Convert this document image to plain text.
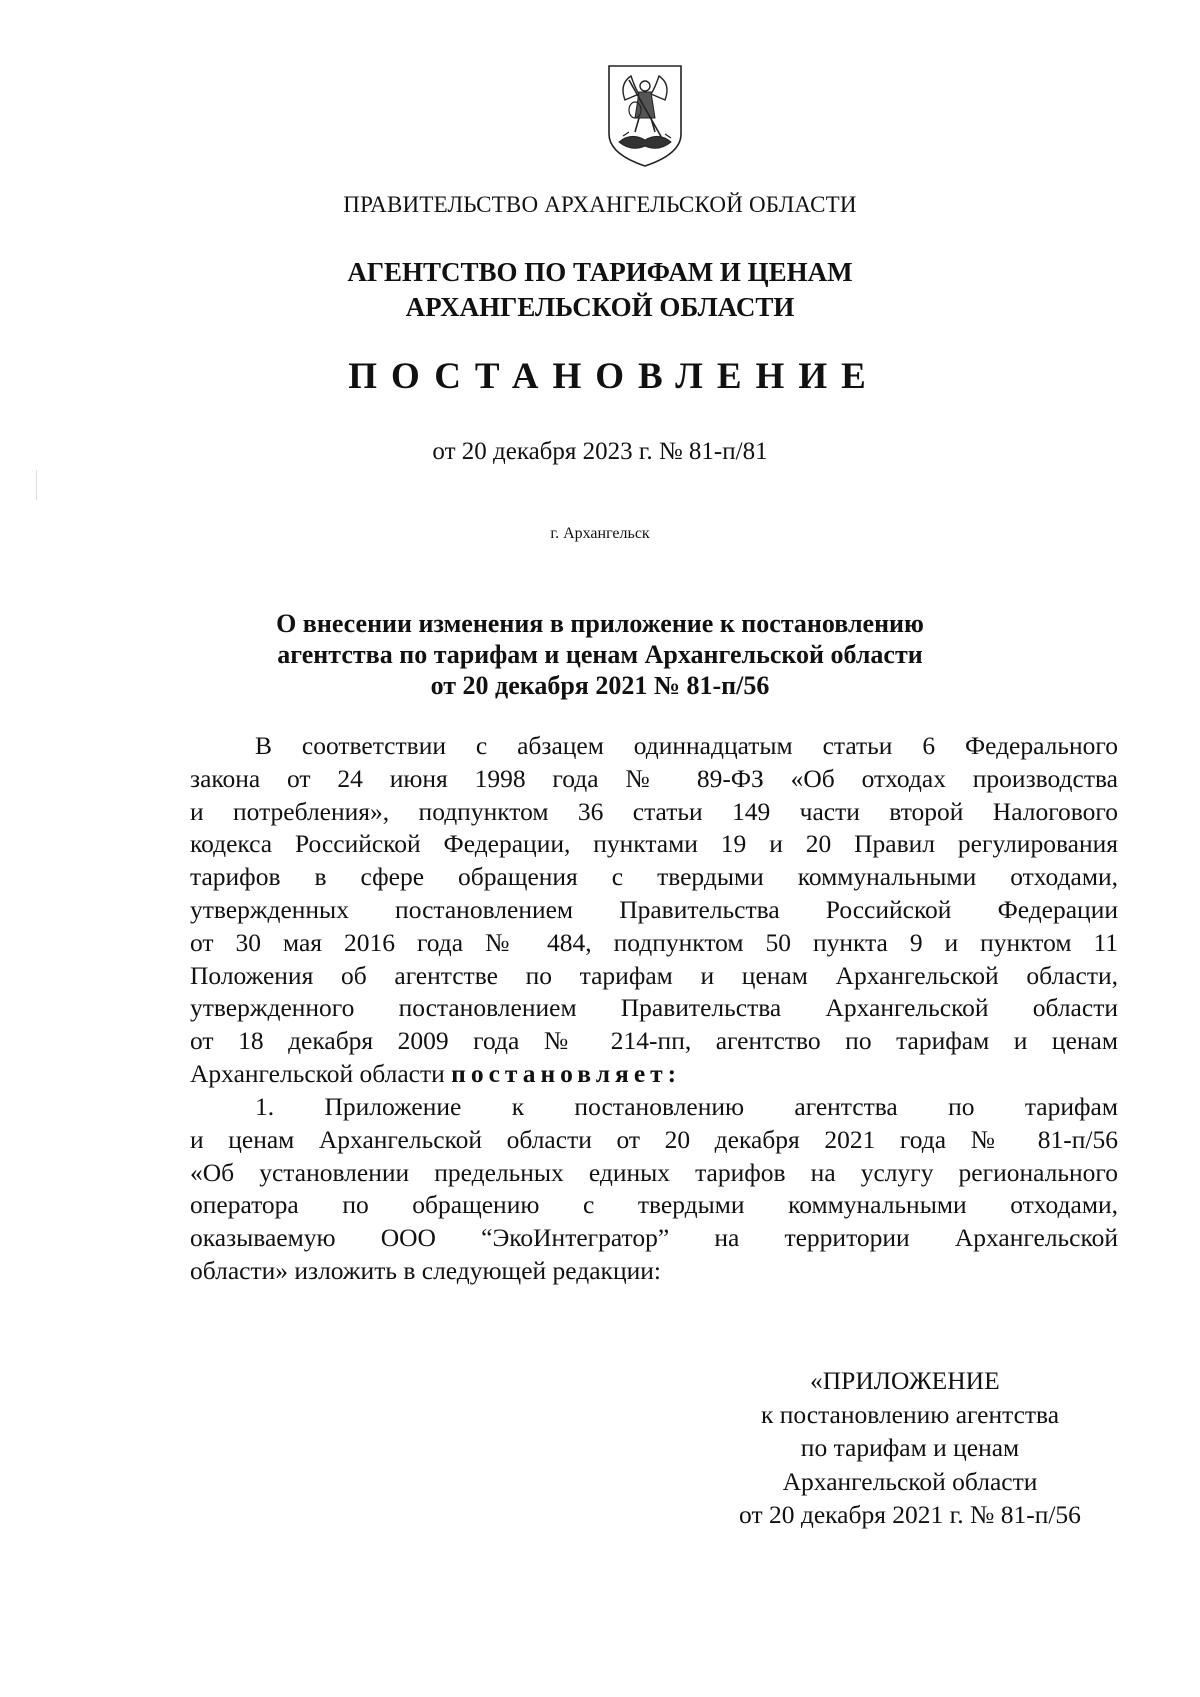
ПРАВИТЕЛЬСТВО АРХАНГЕЛЬСКОЙ ОБЛАСТИ
АГЕНТСТВО ПО ТАРИФАМ И ЦЕНАМ
АРХАНГЕЛЬСКОЙ ОБЛАСТИ
ПОСТАНОВЛЕНИЕ
от 20 декабря 2023 г. № 81-п/81
г. Архангельск
О внесении изменения в приложение к постановлению
агентства по тарифам и ценам Архангельской области
от 20 декабря 2021 № 81-п/56
В соответствии с абзацем одиннадцатым статьи 6 Федерального
закона от 24 июня 1998 года № 89-ФЗ «Об отходах производства
и потребления», подпунктом 36 статьи 149 части второй Налогового
кодекса Российской Федерации, пунктами 19 и 20 Правил регулирования
тарифов в сфере обращения с твердыми коммунальными отходами,
утвержденных постановлением Правительства Российской Федерации
от 30 мая 2016 года № 484, подпунктом 50 пункта 9 и пунктом 11
Положения об агентстве по тарифам и ценам Архангельской области,
утвержденного постановлением Правительства Архангельской области
от 18 декабря 2009 года № 214-пп, агентство по тарифам и ценам
Архангельской области постановляет:
1. Приложение к постановлению агентства по тарифам
и ценам Архангельской области от 20 декабря 2021 года № 81-п/56
«Об установлении предельных единых тарифов на услугу регионального
оператора по обращению с твердыми коммунальными отходами,
оказываемую ООО “ЭкоИнтегратор” на территории Архангельской
области» изложить в следующей редакции:
«ПРИЛОЖЕНИЕ
к постановлению агентства
по тарифам и ценам
Архангельской области
от 20 декабря 2021 г. № 81-п/56
